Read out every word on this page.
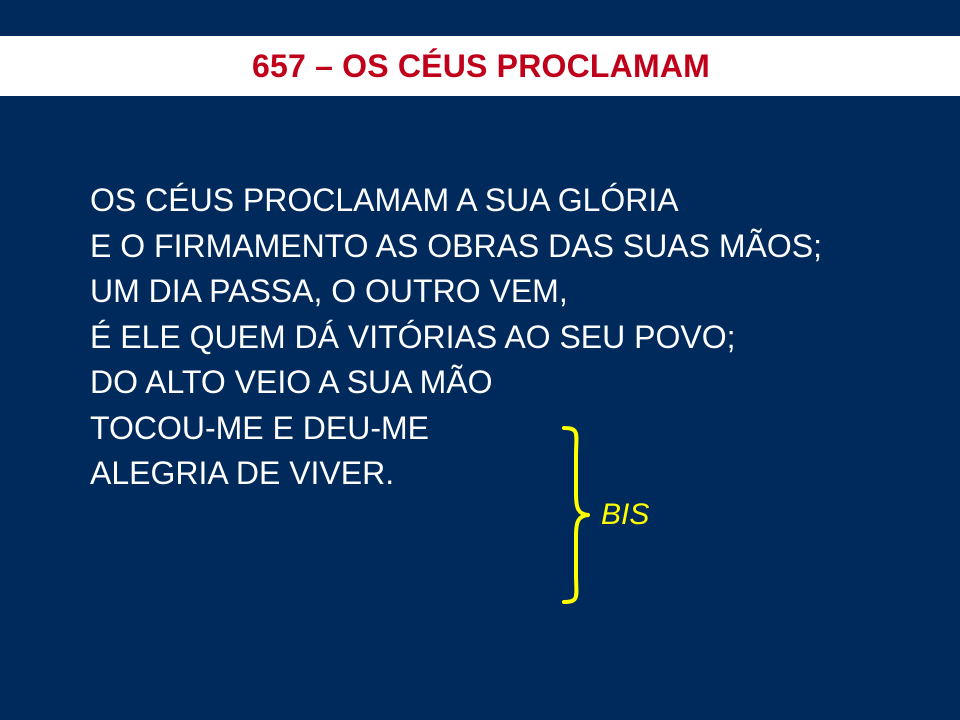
657 – OS CÉUS PROCLAMAM
OS CÉUS PROCLAMAM A SUA GLÓRIA
E O FIRMAMENTO AS OBRAS DAS SUAS MÃOS;
UM DIA PASSA, O OUTRO VEM,
É ELE QUEM DÁ VITÓRIAS AO SEU POVO;
DO ALTO VEIO A SUA MÃO
TOCOU-ME E DEU-ME
ALEGRIA DE VIVER.
BIS
